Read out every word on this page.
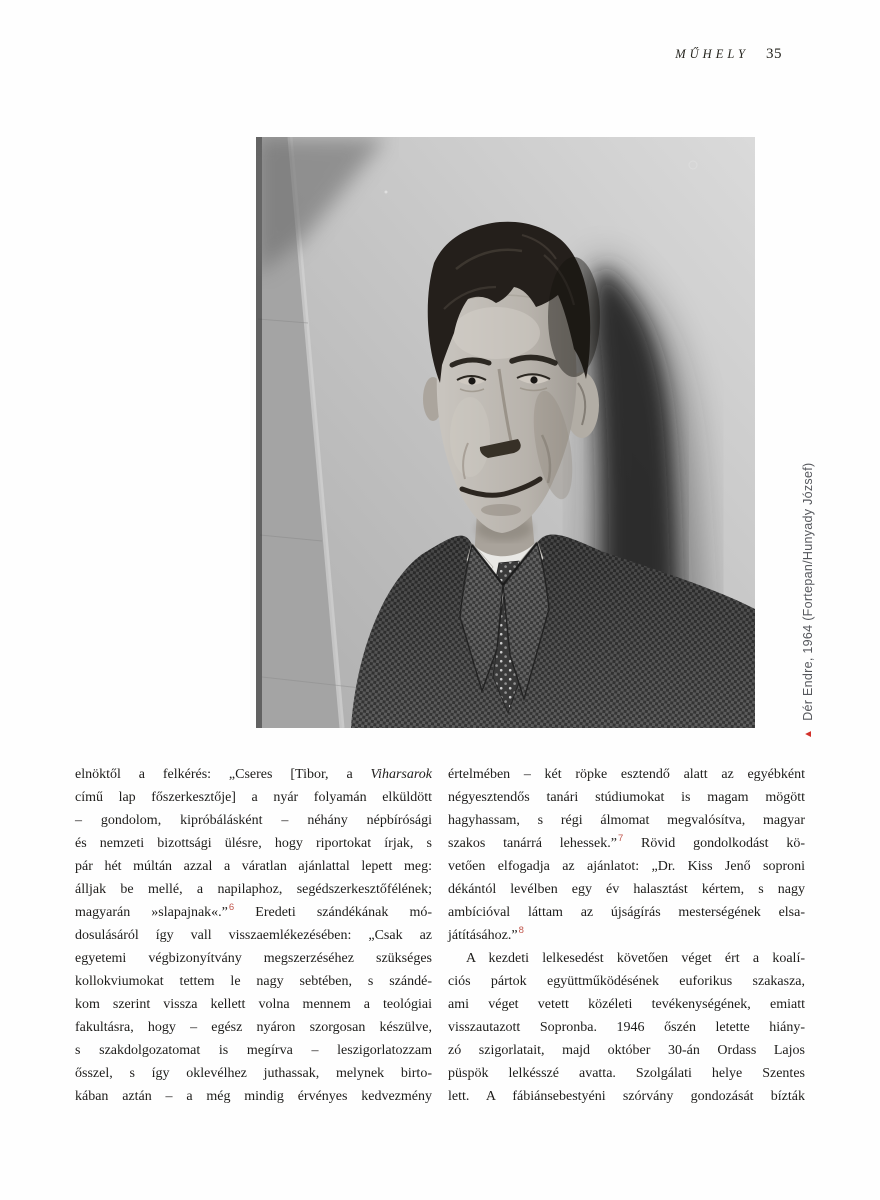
MŰHELY 35
▲Dér Endre, 1964 (Fortepan/Hunyady József)
elnöktől a felkérés: „Cseres [Tibor, a Viharsarok
című lap főszerkesztője] a nyár folyamán elküldött
– gondolom, kipróbálásként – néhány népbírósági
és nemzeti bizottsági ülésre, hogy riportokat írjak, s
pár hét múltán azzal a váratlan ajánlattal lepett meg:
álljak be mellé, a napilaphoz, segédszerkesztőfélének;
magyarán »slapajnak«.”$^6$ Eredeti szándékának mó-
dosulásáról így vall visszaemlékezésében: „Csak az
egyetemi végbizonyítvány megszerzéséhez szükséges
kollokviumokat tettem le nagy sebtében, s szándé-
kom szerint vissza kellett volna mennem a teológiai
fakultásra, hogy – egész nyáron szorgosan készülve,
s szakdolgozatomat is megírva – leszigorlatozzam
ősszel, s így oklevélhez juthassak, melynek birto-
kában aztán – a még mindig érvényes kedvezmény
értelmében – két röpke esztendő alatt az egyébként
négyesztendős tanári stúdiumokat is magam mögött
hagyhassam, s régi álmomat megvalósítva, magyar
szakos tanárrá lehessek.”$^7$ Rövid gondolkodást kö-
vetően elfogadja az ajánlatot: „Dr. Kiss Jenő soproni
dékántól levélben egy év halasztást kértem, s nagy
ambícióval láttam az újságírás mesterségének elsa-
játításához.”$^8$
A kezdeti lelkesedést követően véget ért a koalí-
ciós pártok együttműködésének euforikus szakasza,
ami véget vetett közéleti tevékenységének, emiatt
visszautazott Sopronba. 1946 őszén letette hiány-
zó szigorlatait, majd október 30-án Ordass Lajos
püspök lelkésszé avatta. Szolgálati helye Szentes
lett. A fábiánsebestyéni szórvány gondozását bízták
